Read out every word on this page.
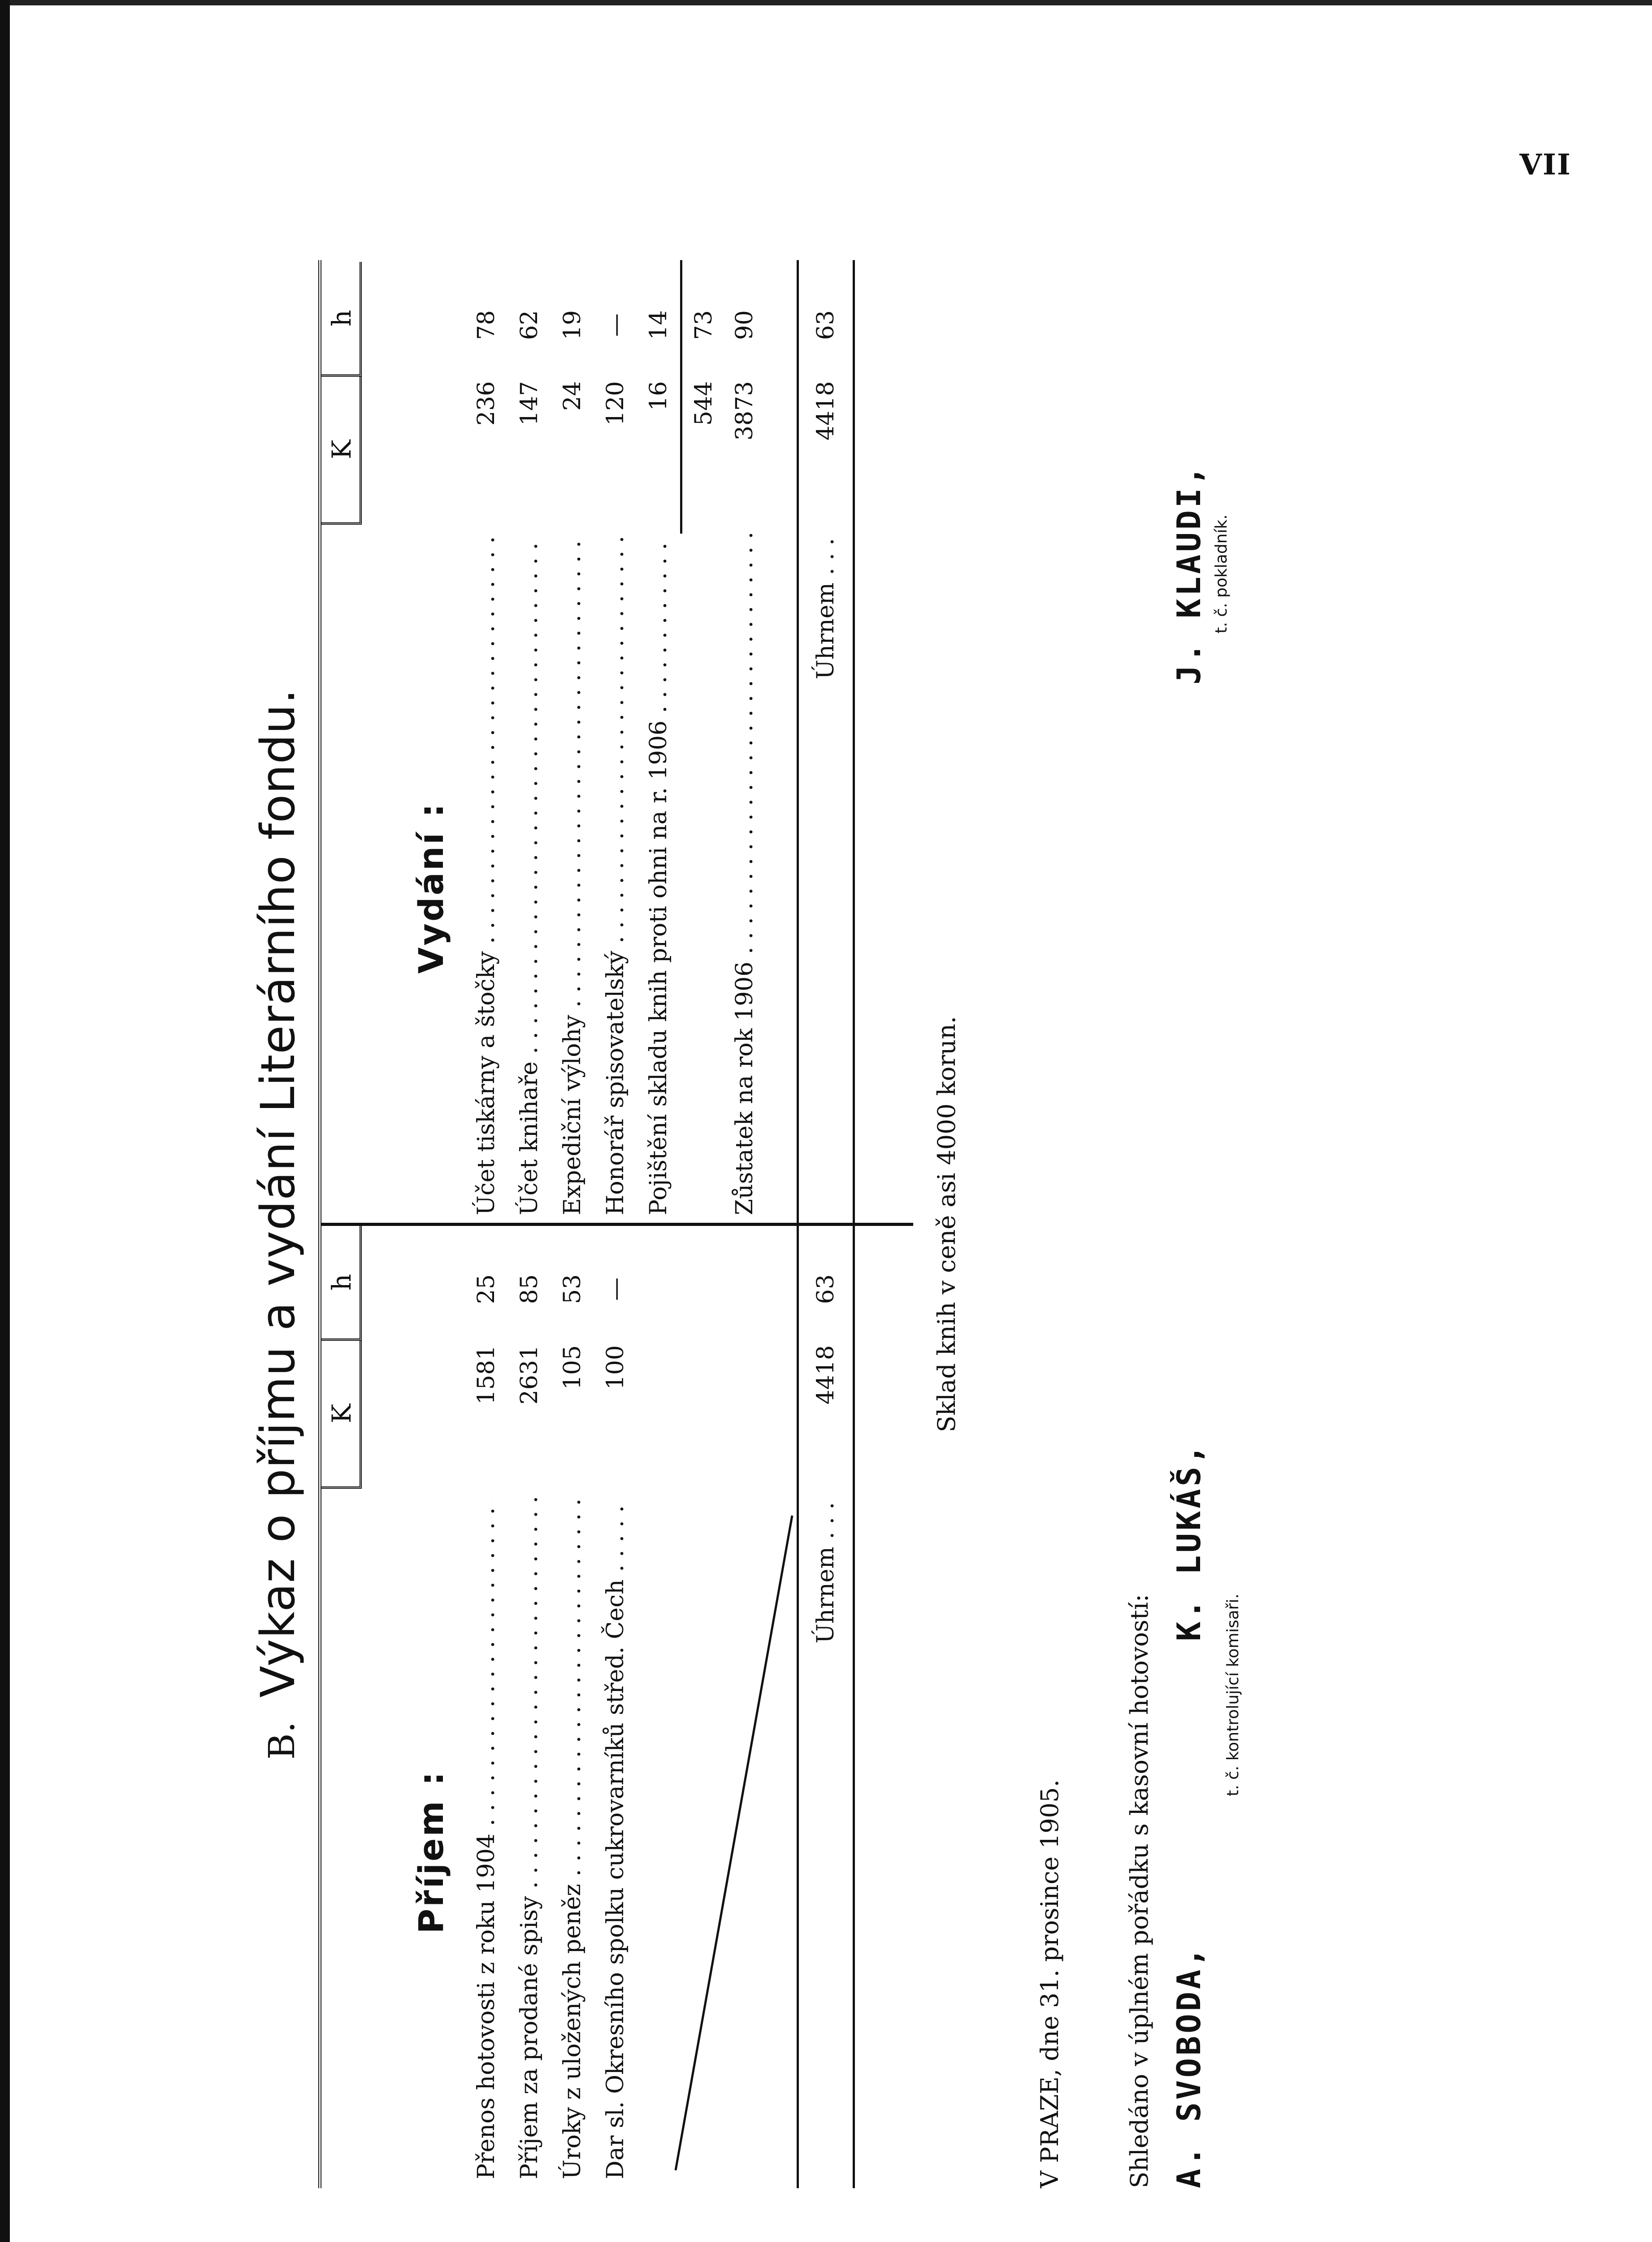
VII
B. Výkaz o příjmu a vydání Literárního fondu. K
h
Příjem : Přenos hotovosti z roku 1904 . . .
1581
25
Příjem za prodané spisy . . .
2631
85
Úroky z uložených peněz . . .
105
53
Dar sl. Okresního spolku cukrovarníků střed. Čech . . .
100
—
Úhrnem . . .
4418
63
K
h
Vydání :
Účet tiskárny a štočky . . .
236
78
Účet knihaře . . .
147
62
Expediční výlohy . . .
24
19
Honorář spisovatelský . . .
120
—
Pojištění skladu knih proti ohni na r. 1906 . . .
16
14
544
73
Zůstatek na rok 1906 . . .
3873
90
Úhrnem . . .
4418
63
Sklad knih v ceně asi 4000 korun.
V PRAZE, dne 31. prosince 1905.	Shledáno v úplném pořádku s kasovní hotovostí: A. SVOBODA,
K. LUKÁŠ,
t. č. kontrolující komisaři.
J. KLAUDI, t. č. pokladník.
